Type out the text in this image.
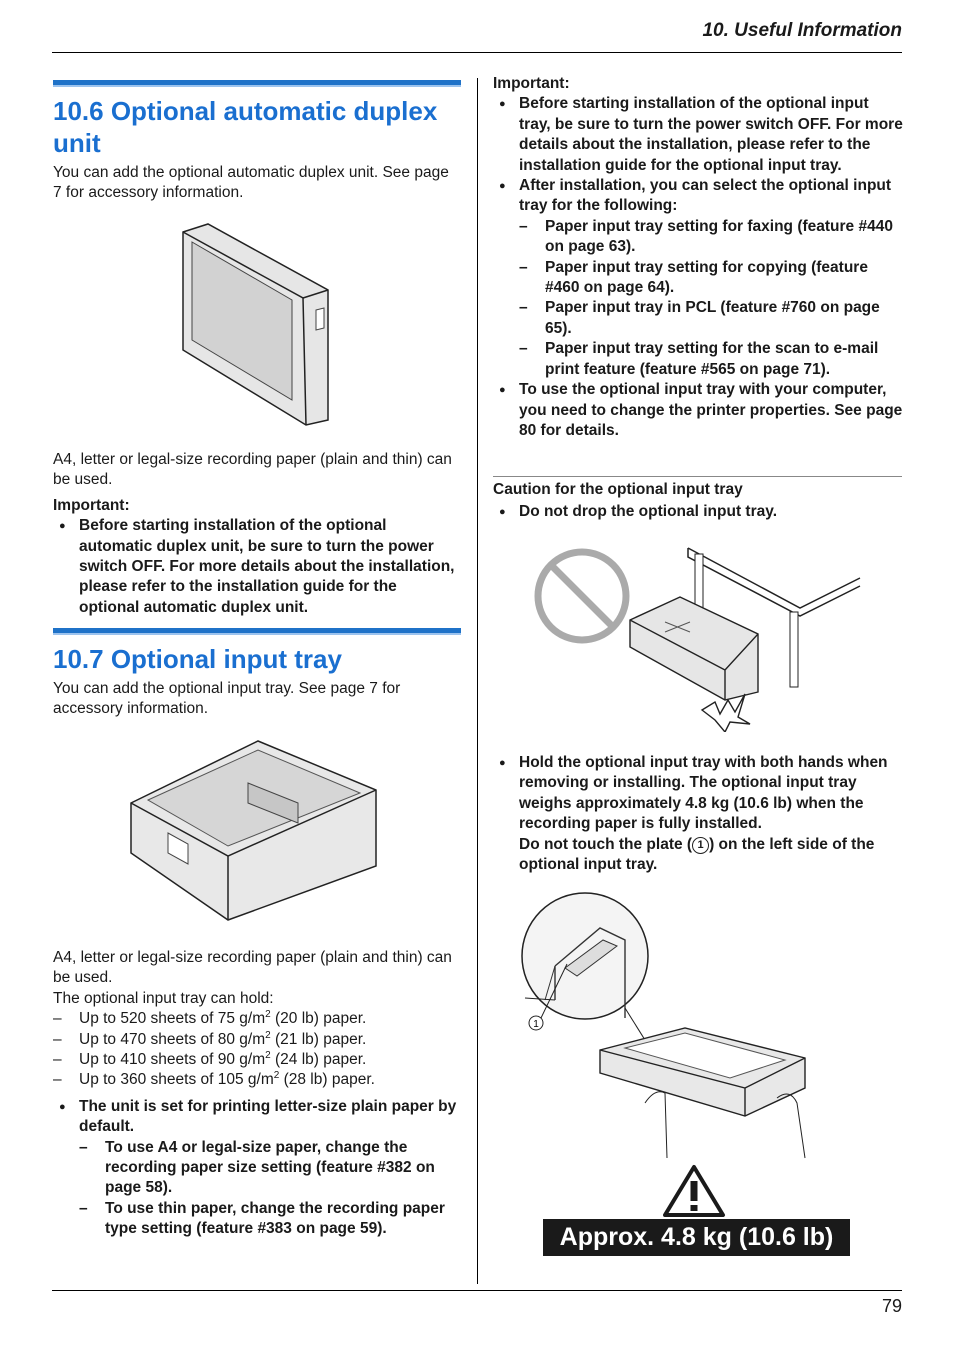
10. Useful Information
10.6 Optional automatic duplex unit

You can add the optional automatic duplex unit. See page 7 for accessory information.

A4, letter or legal-size recording paper (plain and thin) can be used.

Important:

● Before starting installation of the optional automatic duplex unit, be sure to turn the power switch OFF. For more details about the installation, please refer to the installation guide for the optional automatic duplex unit.
10.7 Optional input tray

You can add the optional input tray. See page 7 for accessory information.

A4, letter or legal-size recording paper (plain and thin) can be used.

The optional input tray can hold:

– Up to 520 sheets of 75 $g/m^2$ (20 lb) paper.
– Up to 470 sheets of 80 $g/m^2$ (21 lb) paper.
– Up to 410 sheets of 90 $g/m^2$ (24 lb) paper.
– Up to 360 sheets of 105 $g/m^2$ (28 lb) paper.
● The unit is set for printing letter-size plain paper by default.
– To use A4 or legal-size paper, change the recording paper size setting (feature #382 on page 58).
– To use thin paper, change the recording paper type setting (feature #383 on page 59).

Important:

● Before starting installation of the optional input tray, be sure to turn the power switch OFF. For more details about the installation, please refer to the installation guide for the optional input tray.
● After installation, you can select the optional input tray for the following:
– Paper input tray setting for faxing (feature #440 on page 63).
– Paper input tray setting for copying (feature #460 on page 64).
– Paper input tray in PCL (feature #760 on page 65).
– Paper input tray setting for the scan to e-mail print feature (feature #565 on page 71).
● To use the optional input tray with your computer, you need to change the printer properties. See page 80 for details.

Caution for the optional input tray

● Do not drop the optional input tray.
● Hold the optional input tray with both hands when removing or installing. The optional input tray weighs approximately 4.8 kg (10.6 lb) when the recording paper is fully installed.
Do not touch the plate ( 1 ) on the left side of the optional input tray.
1
Approx. 4.8 kg (10.6 lb)
79
